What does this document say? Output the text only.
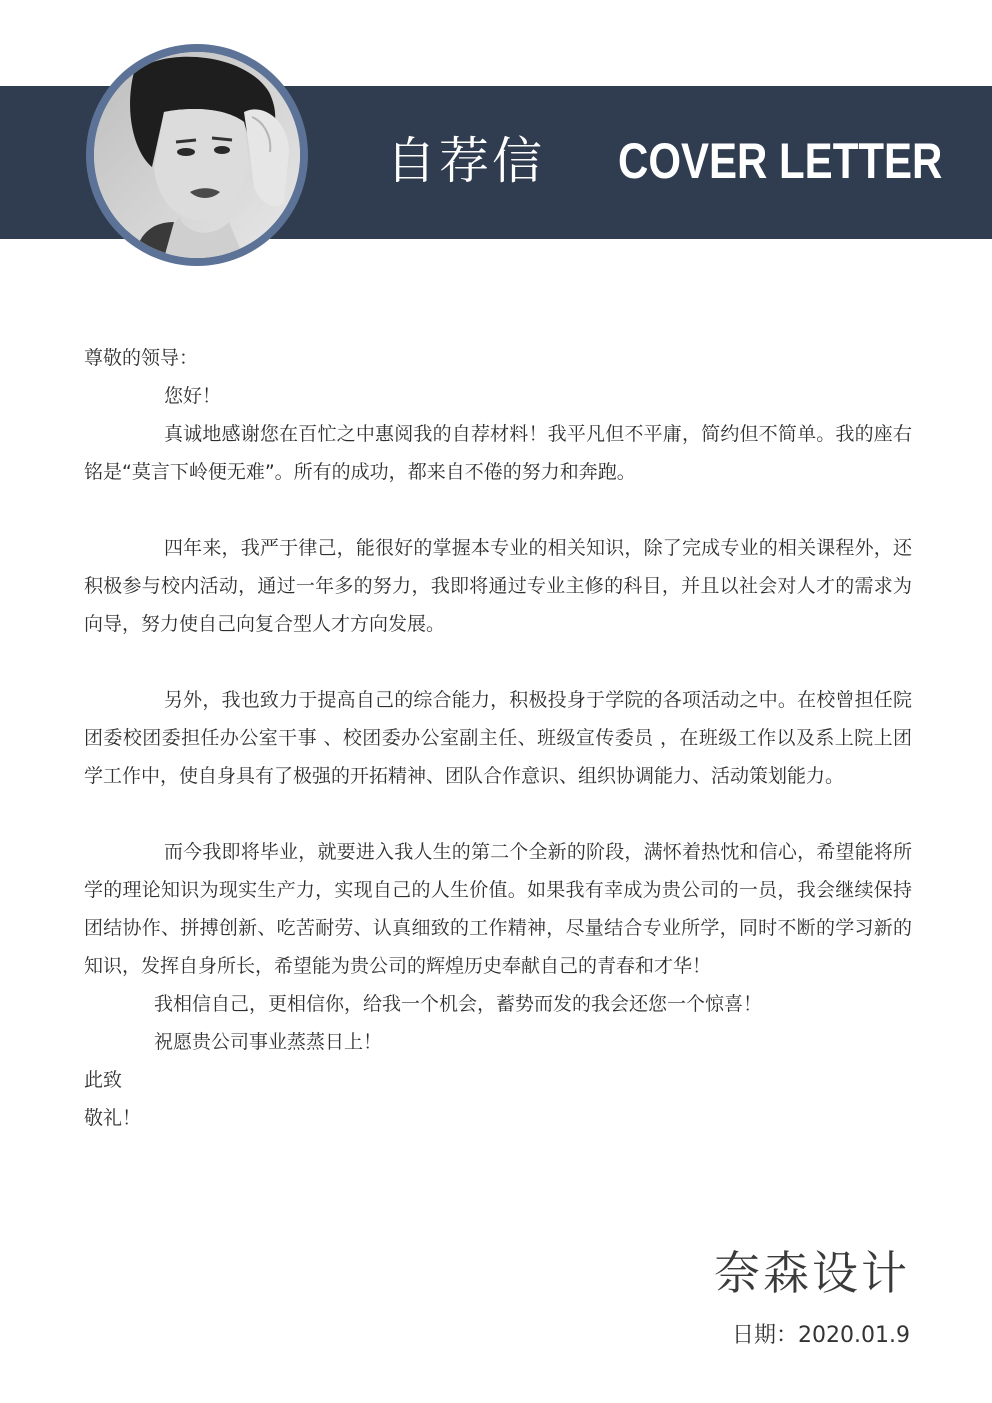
自荐信 COVER LETTER

尊敬的领导：

您好！

真诚地感谢您在百忙之中惠阅我的自荐材料！我平凡但不平庸，简约但不简单。我的座右铭是“莫言下岭便无难”。所有的成功，都来自不倦的努力和奔跑。

四年来，我严于律己，能很好的掌握本专业的相关知识，除了完成专业的相关课程外，还积极参与校内活动，通过一年多的努力，我即将通过专业主修的科目，并且以社会对人才的需求为向导，努力使自己向复合型人才方向发展。

另外，我也致力于提高自己的综合能力，积极投身于学院的各项活动之中。在校曾担任院团委校团委担任办公室干事 、校团委办公室副主任、班级宣传委员 ，在班级工作以及系上院上团学工作中，使自身具有了极强的开拓精神、团队合作意识、组织协调能力、活动策划能力。

而今我即将毕业，就要进入我人生的第二个全新的阶段，满怀着热忱和信心，希望能将所学的理论知识为现实生产力，实现自己的人生价值。如果我有幸成为贵公司的一员，我会继续保持团结协作、拼搏创新、吃苦耐劳、认真细致的工作精神，尽量结合专业所学，同时不断的学习新的知识，发挥自身所长，希望能为贵公司的辉煌历史奉献自己的青春和才华！

我相信自己，更相信你，给我一个机会，蓄势而发的我会还您一个惊喜！

祝愿贵公司事业蒸蒸日上！

此致

敬礼！

奈森设计
日期：2020.01.9
